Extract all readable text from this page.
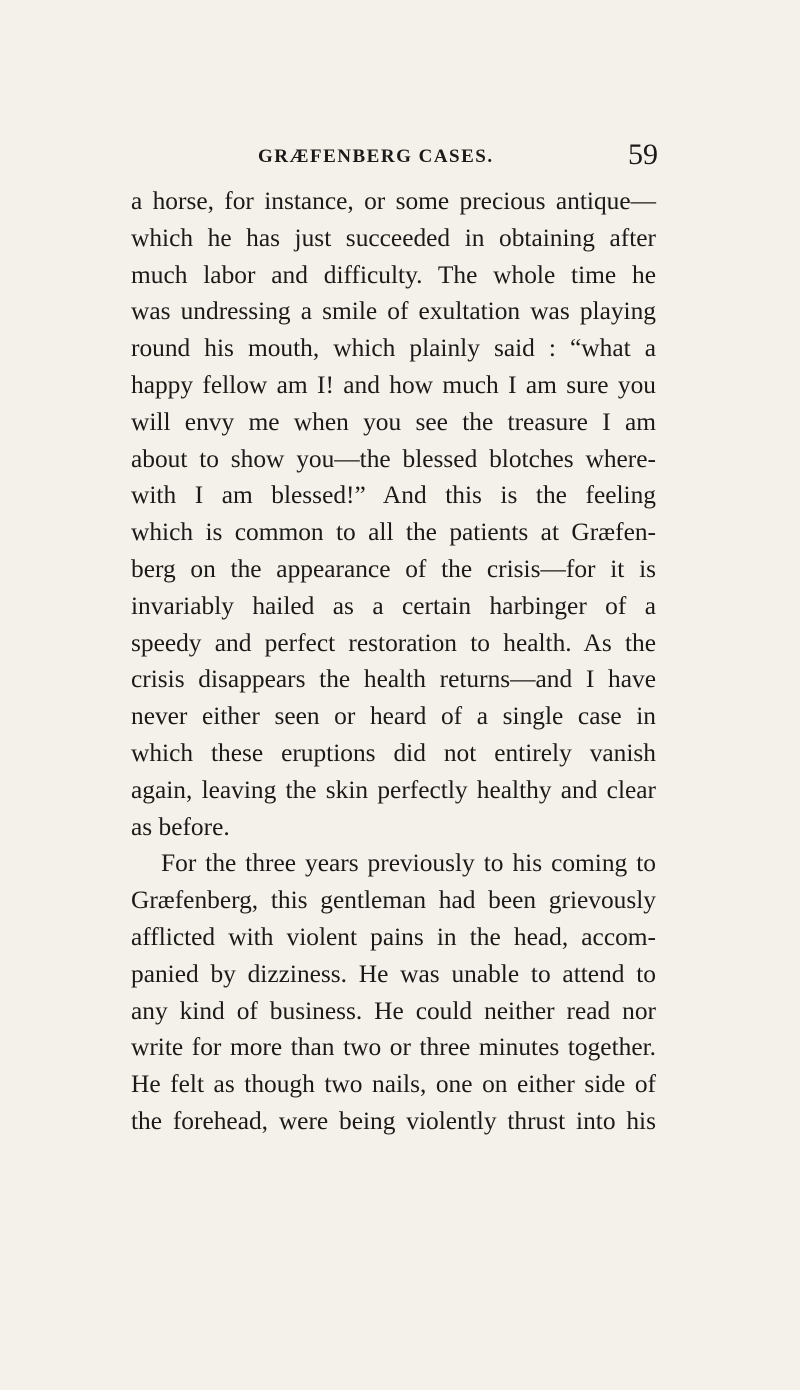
GRÆFENBERG CASES.	59
a horse, for instance, or some precious antique—
which he has just succeeded in obtaining after
much labor and difficulty. The whole time he
was undressing a smile of exultation was playing
round his mouth, which plainly said : “what a
happy fellow am I! and how much I am sure you
will envy me when you see the treasure I am
about to show you—the blessed blotches where-
with I am blessed!” And this is the feeling
which is common to all the patients at Græfen-
berg on the appearance of the crisis—for it is
invariably hailed as a certain harbinger of a
speedy and perfect restoration to health. As the
crisis disappears the health returns—and I have
never either seen or heard of a single case in
which these eruptions did not entirely vanish
again, leaving the skin perfectly healthy and clear
as before.
For the three years previously to his coming to
Græfenberg, this gentleman had been grievously
afflicted with violent pains in the head, accom-
panied by dizziness. He was unable to attend to
any kind of business. He could neither read nor
write for more than two or three minutes together.
He felt as though two nails, one on either side of
the forehead, were being violently thrust into his
